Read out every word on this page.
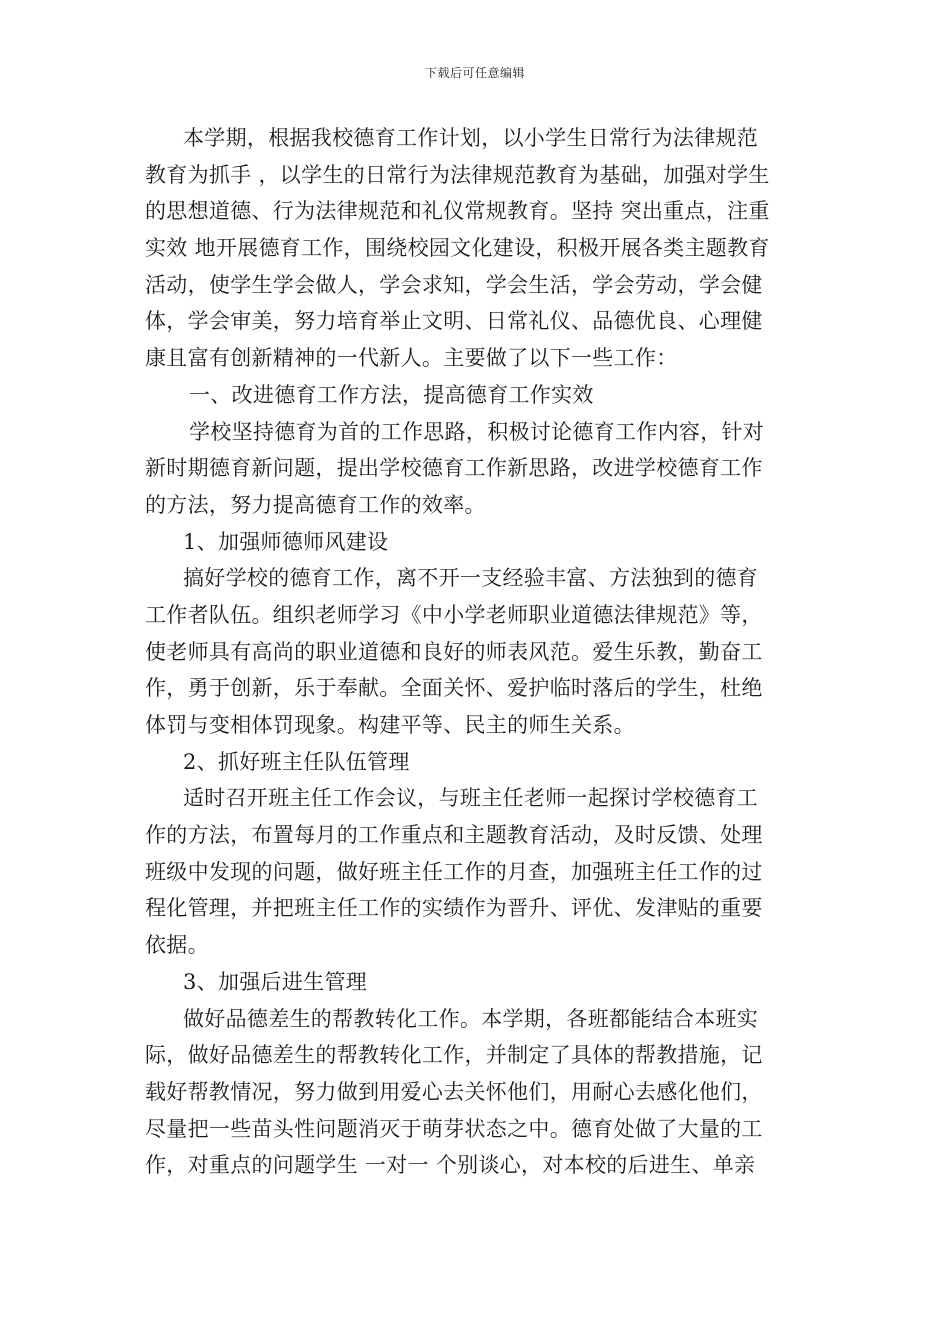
下载后可任意编辑
本学期，根据我校德育工作计划，以小学生日常行为法律规范
教育为抓手 ，以学生的日常行为法律规范教育为基础，加强对学生
的思想道德、行为法律规范和礼仪常规教育。坚持 突出重点，注重
实效 地开展德育工作，围绕校园文化建设，积极开展各类主题教育
活动，使学生学会做人，学会求知，学会生活，学会劳动，学会健
体，学会审美，努力培育举止文明、日常礼仪、品德优良、心理健
康且富有创新精神的一代新人。主要做了以下一些工作：
一、改进德育工作方法，提高德育工作实效
学校坚持德育为首的工作思路，积极讨论德育工作内容，针对
新时期德育新问题，提出学校德育工作新思路，改进学校德育工作
的方法，努力提高德育工作的效率。
1、加强师德师风建设
搞好学校的德育工作，离不开一支经验丰富、方法独到的德育
工作者队伍。组织老师学习《中小学老师职业道德法律规范》等，
使老师具有高尚的职业道德和良好的师表风范。爱生乐教，勤奋工
作，勇于创新，乐于奉献。全面关怀、爱护临时落后的学生，杜绝
体罚与变相体罚现象。构建平等、民主的师生关系。
2、抓好班主任队伍管理
适时召开班主任工作会议，与班主任老师一起探讨学校德育工
作的方法，布置每月的工作重点和主题教育活动，及时反馈、处理
班级中发现的问题，做好班主任工作的月查，加强班主任工作的过
程化管理，并把班主任工作的实绩作为晋升、评优、发津贴的重要
依据。
3、加强后进生管理
做好品德差生的帮教转化工作。本学期，各班都能结合本班实
际，做好品德差生的帮教转化工作，并制定了具体的帮教措施，记
载好帮教情况，努力做到用爱心去关怀他们，用耐心去感化他们，
尽量把一些苗头性问题消灭于萌芽状态之中。德育处做了大量的工
作，对重点的问题学生 一对一 个别谈心，对本校的后进生、单亲
